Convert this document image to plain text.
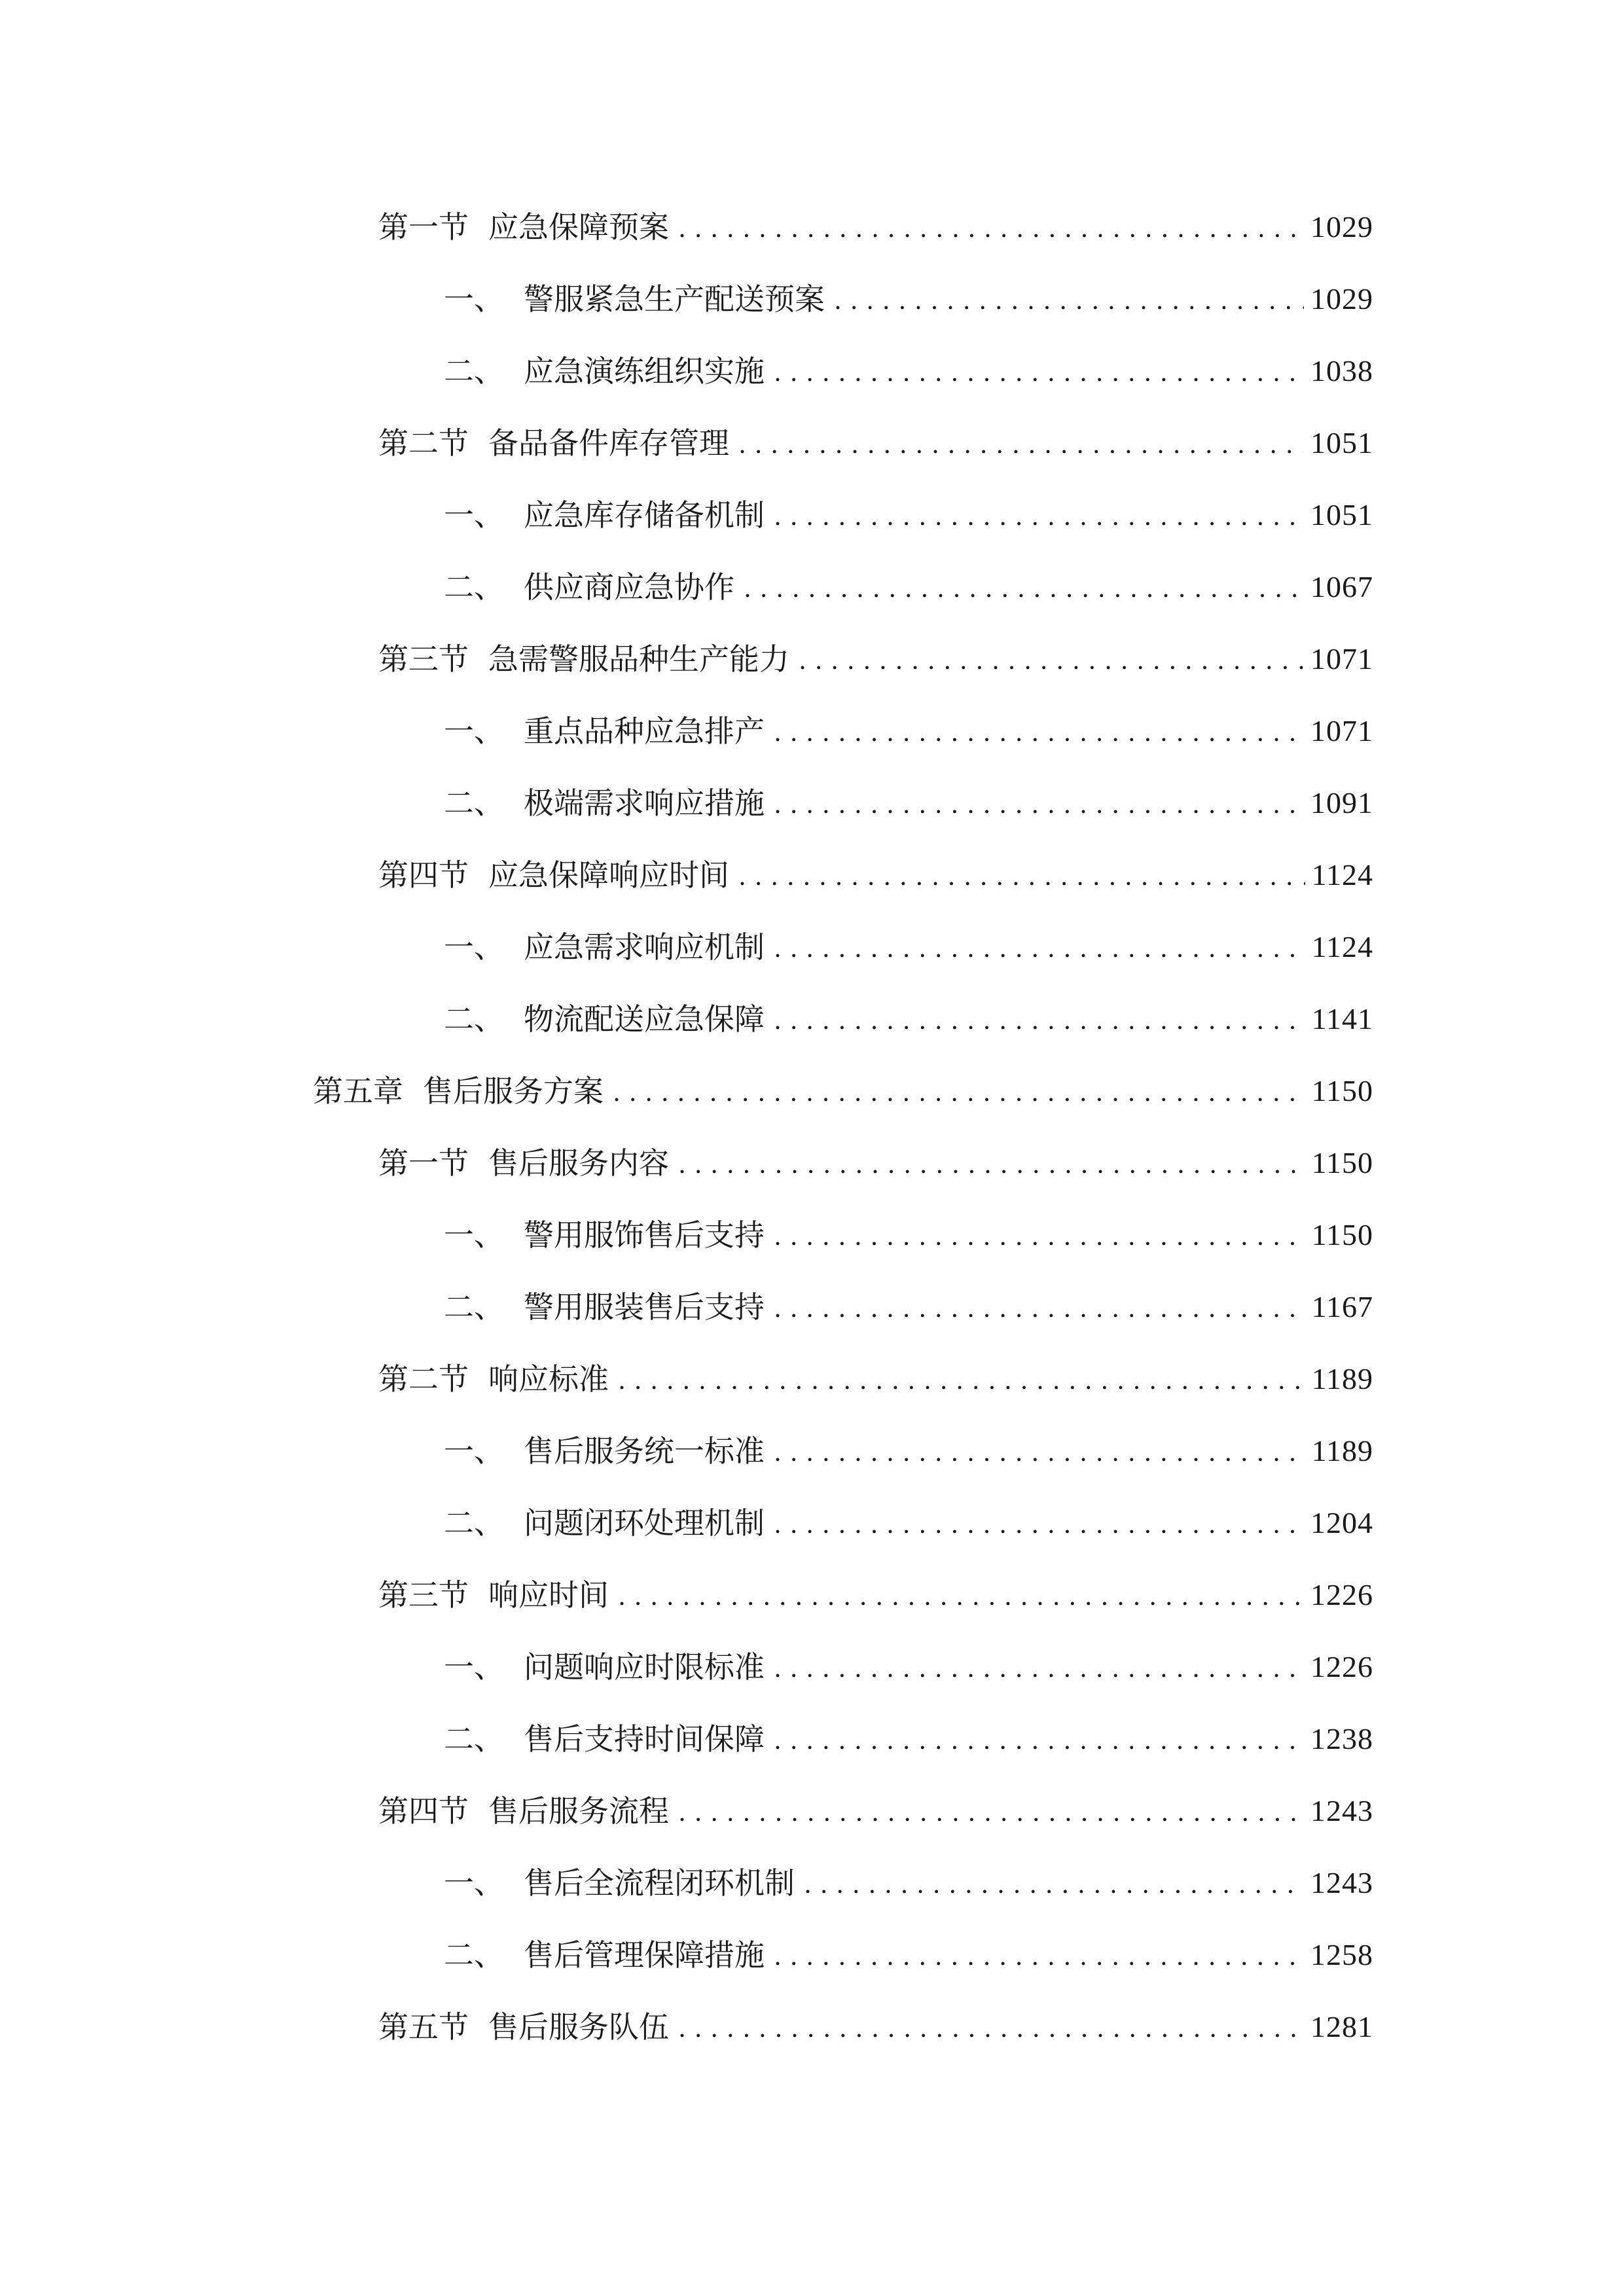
第一节 应急保障预案 .....	1029
一、 警服紧急生产配送预案 .....	1029
二、 应急演练组织实施 .....	1038
第二节 备品备件库存管理 .....	1051
一、 应急库存储备机制 .....	1051
二、 供应商应急协作 .....	1067
第三节 急需警服品种生产能力 .....	1071
一、 重点品种应急排产 .....	1071
二、 极端需求响应措施 .....	1091
第四节 应急保障响应时间 .....	1124
一、 应急需求响应机制 .....	1124
二、 物流配送应急保障 .....	1141
第五章 售后服务方案 .....	1150
第一节 售后服务内容 .....	1150
一、 警用服饰售后支持 .....	1150
二、 警用服装售后支持 .....	1167
第二节 响应标准 .....	1189
一、 售后服务统一标准 .....	1189
二、 问题闭环处理机制 .....	1204
第三节 响应时间 .....	1226
一、 问题响应时限标准 .....	1226
二、 售后支持时间保障 .....	1238
第四节 售后服务流程 .....	1243
一、 售后全流程闭环机制 .....	1243
二、 售后管理保障措施 .....	1258
第五节 售后服务队伍 .....	1281
